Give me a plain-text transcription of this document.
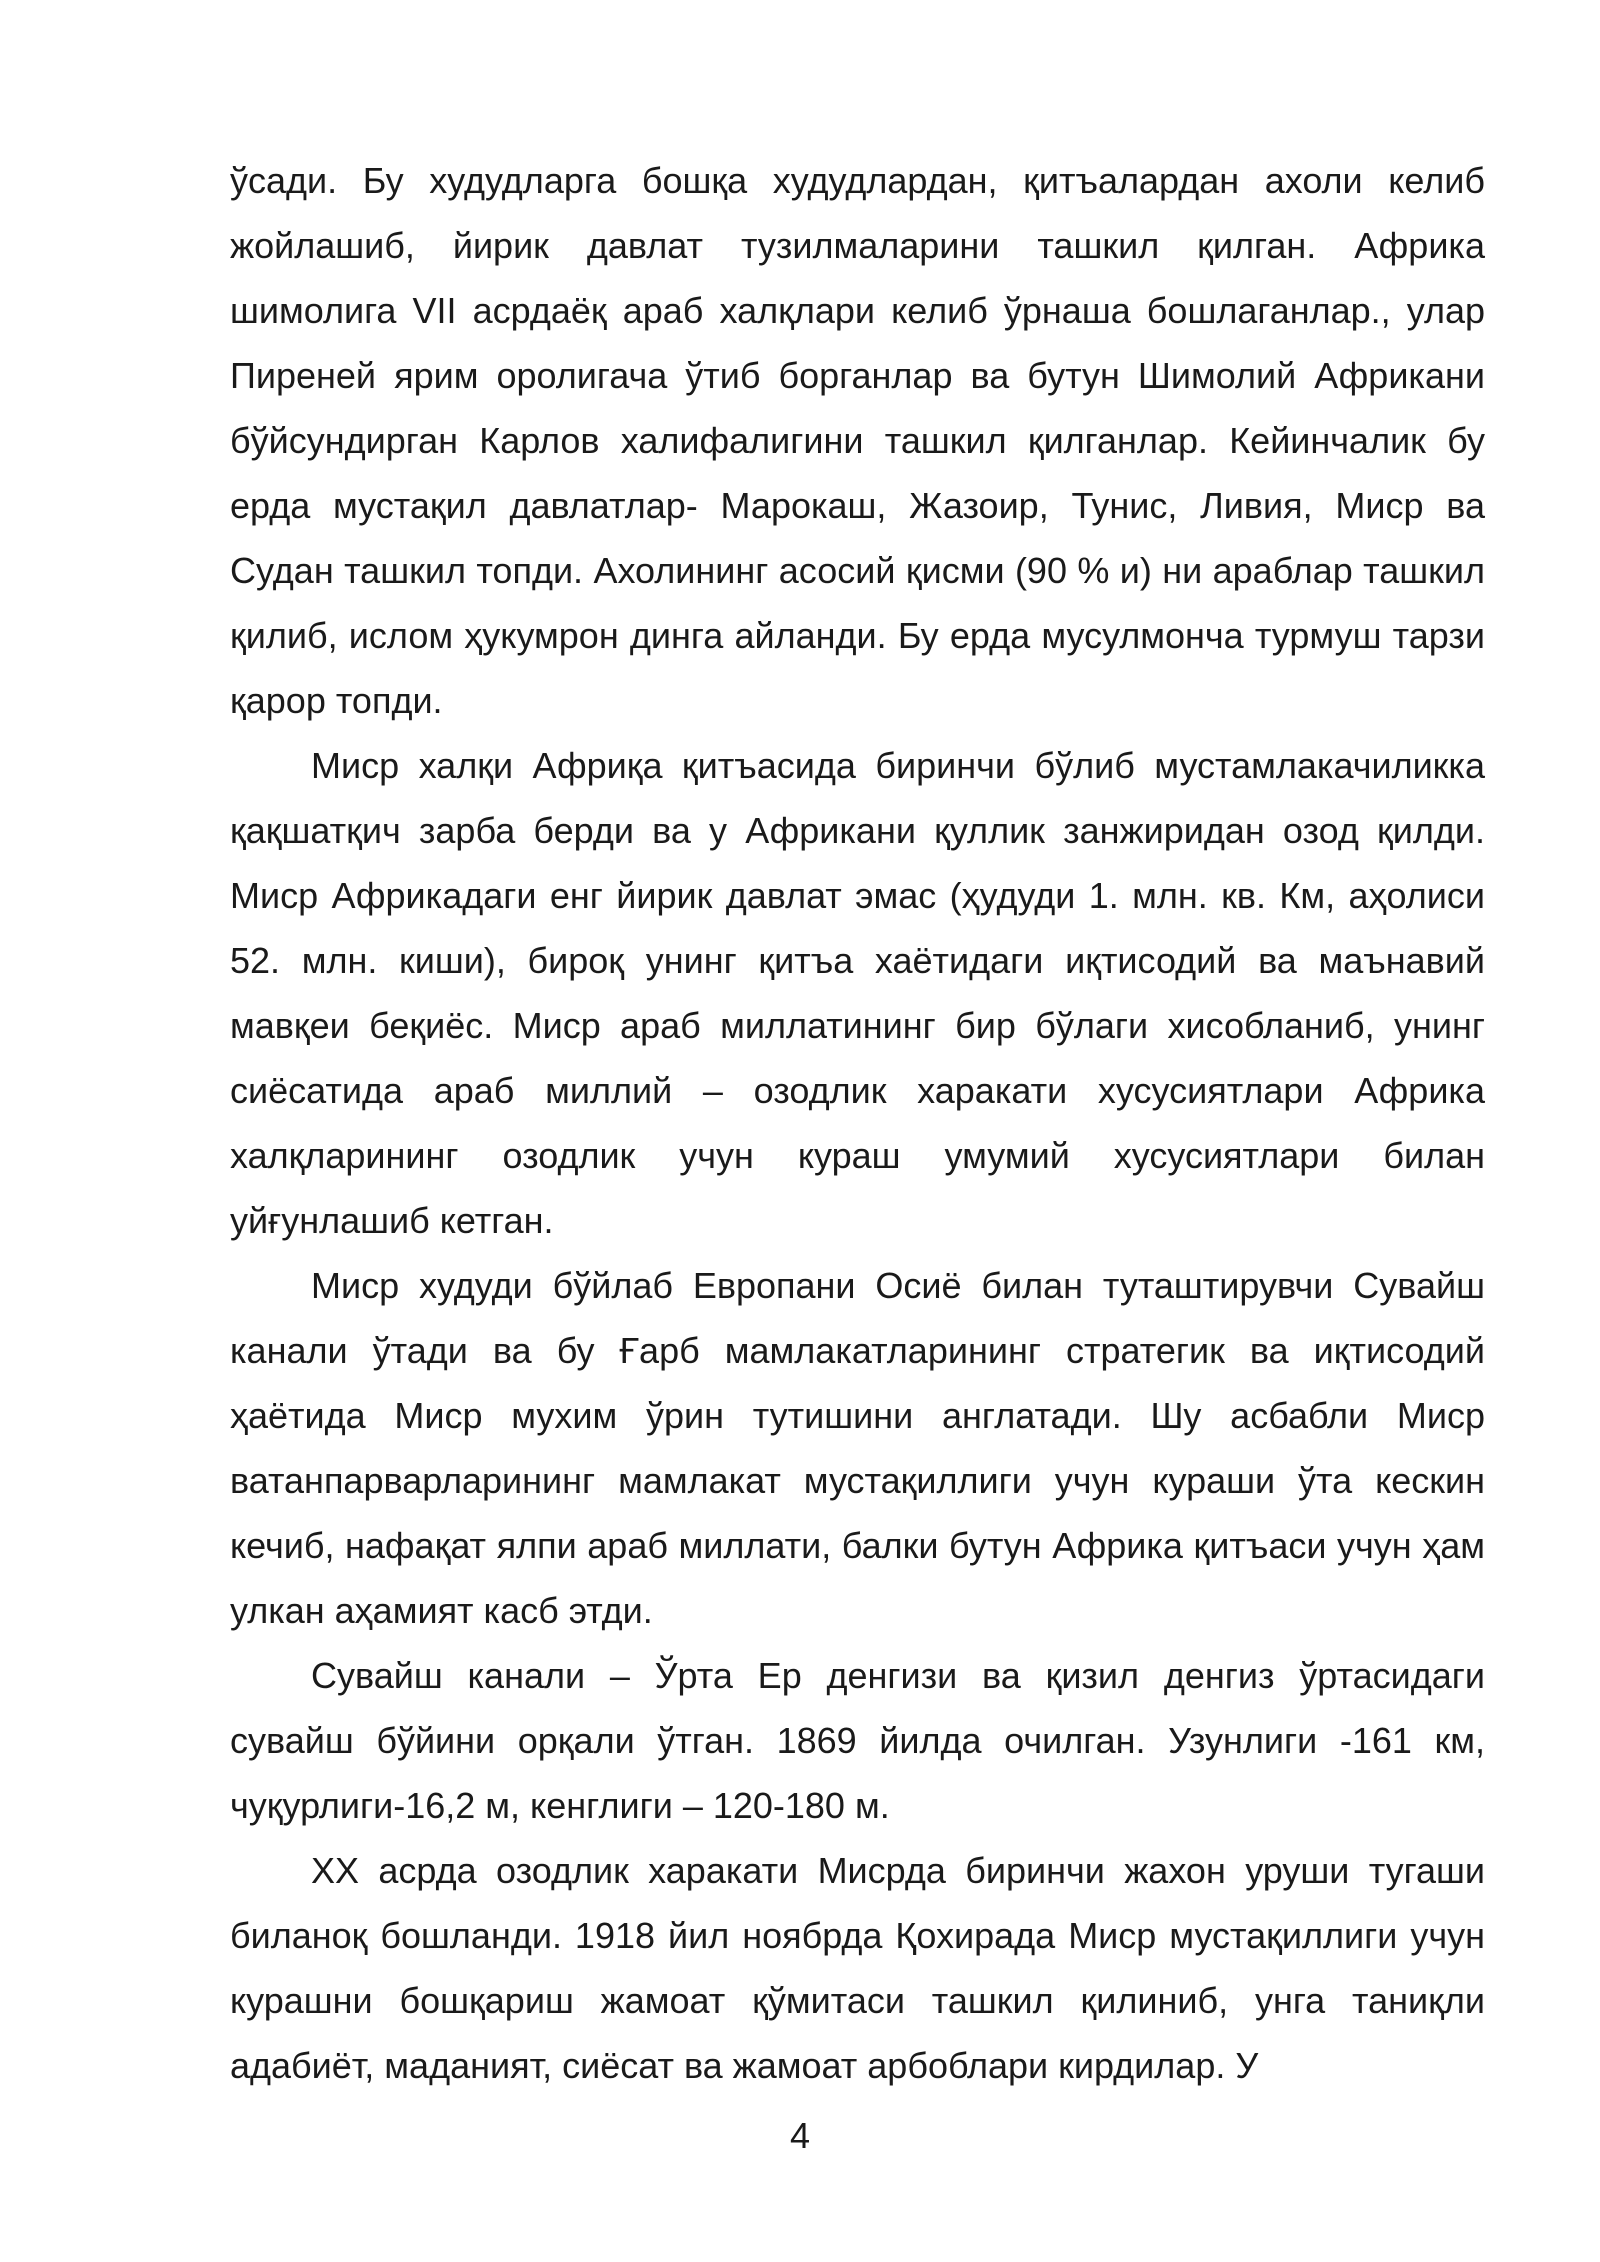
ўсади. Бу худудларга бошқа худудлардан, қитъалардан ахоли келиб жойлашиб, йирик давлат тузилмаларини ташкил қилган. Африка шимолига VII асрдаёқ араб халқлари келиб ўрнаша бошлаганлар., улар Пиреней ярим оролигача ўтиб борганлар ва бутун Шимолий Африкани бўйсундирган Карлов халифалигини ташкил қилганлар. Кейинчалик бу ерда мустақил давлатлар- Марокаш, Жазоир, Тунис, Ливия, Миср ва Судан ташкил топди. Ахолининг асосий қисми (90 % и) ни араблар ташкил қилиб, ислом ҳукумрон динга айланди. Бу ерда мусулмонча турмуш тарзи қарор топди.

Миср халқи Африқа қитъасида биринчи бўлиб мустамлакачиликка қақшатқич зарба берди ва у Африкани қуллик занжиридан озод қилди. Миср Африкадаги енг йирик давлат эмас (ҳудуди 1. млн. кв. Км, аҳолиси 52. млн. киши), бироқ унинг қитъа хаётидаги иқтисодий ва маънавий мавқеи беқиёс. Миср араб миллатининг бир бўлаги хисобланиб, унинг сиёсатида араб миллий – озодлик харакати хусусиятлари Африка халқларининг озодлик учун кураш умумий хусусиятлари билан уйғунлашиб кетган.

Миср худуди бўйлаб Европани Осиё билан туташтирувчи Сувайш канали ўтади ва бу Ғарб мамлакатларининг стратегик ва иқтисодий ҳаётида Миср мухим ўрин тутишини англатади. Шу асбабли Миср ватанпарварларининг мамлакат мустақиллиги учун кураши ўта кескин кечиб, нафақат ялпи араб миллати, балки бутун Африка қитъаси учун ҳам улкан аҳамият касб этди.

Сувайш канали – Ўрта Ер денгизи ва қизил денгиз ўртасидаги сувайш бўйини орқали ўтган. 1869 йилда очилган. Узунлиги -161 км, чуқурлиги-16,2 м, кенглиги – 120-180 м.

XX асрда озодлик харакати Мисрда биринчи жахон уруши тугаши биланоқ бошланди. 1918 йил ноябрда Қохирада Миср мустақиллиги учун курашни бошқариш жамоат қўмитаси ташкил қилиниб, унга таниқли адабиёт, маданият, сиёсат ва жамоат арбоблари кирдилар. У

4
